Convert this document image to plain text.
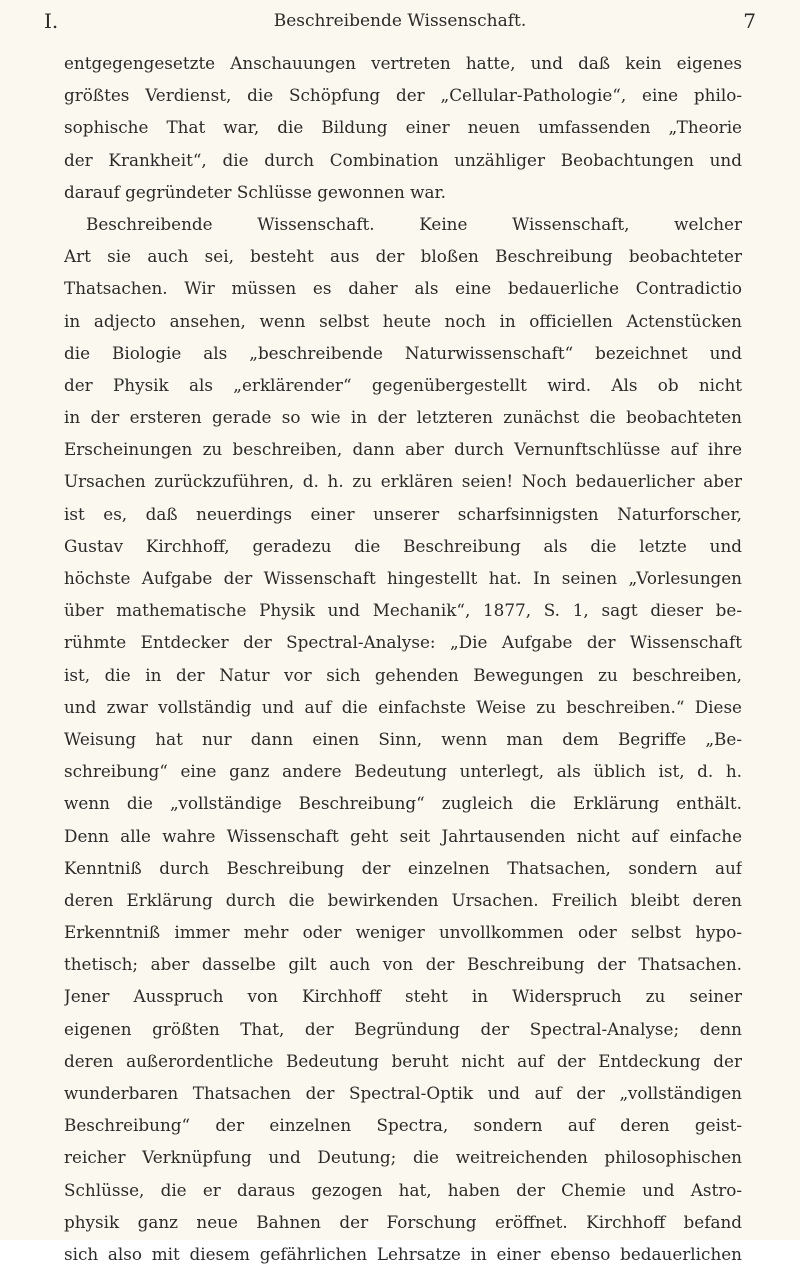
I.	Beschreibende Wissenschaft.	7
entgegengesetzte Anschauungen vertreten hatte, und daß kein eigenes
größtes Verdienst, die Schöpfung der „Cellular-Pathologie“, eine philo-
sophische That war, die Bildung einer neuen umfassenden „Theorie
der Krankheit“, die durch Combination unzähliger Beobachtungen und
darauf gegründeter Schlüsse gewonnen war.
Beschreibende Wissenschaft. Keine Wissenschaft, welcher
Art sie auch sei, besteht aus der bloßen Beschreibung beobachteter
Thatsachen. Wir müssen es daher als eine bedauerliche Contradictio
in adjecto ansehen, wenn selbst heute noch in officiellen Actenstücken
die Biologie als „beschreibende Naturwissenschaft“ bezeichnet und
der Physik als „erklärender“ gegenübergestellt wird. Als ob nicht
in der ersteren gerade so wie in der letzteren zunächst die beobachteten
Erscheinungen zu beschreiben, dann aber durch Vernunftschlüsse auf ihre
Ursachen zurückzuführen, d. h. zu erklären seien! Noch bedauerlicher aber
ist es, daß neuerdings einer unserer scharfsinnigsten Naturforscher,
Gustav Kirchhoff, geradezu die Beschreibung als die letzte und
höchste Aufgabe der Wissenschaft hingestellt hat. In seinen „Vorlesungen
über mathematische Physik und Mechanik“, 1877, S. 1, sagt dieser be-
rühmte Entdecker der Spectral-Analyse: „Die Aufgabe der Wissenschaft
ist, die in der Natur vor sich gehenden Bewegungen zu beschreiben,
und zwar vollständig und auf die einfachste Weise zu beschreiben.“ Diese
Weisung hat nur dann einen Sinn, wenn man dem Begriffe „Be-
schreibung“ eine ganz andere Bedeutung unterlegt, als üblich ist, d. h.
wenn die „vollständige Beschreibung“ zugleich die Erklärung enthält.
Denn alle wahre Wissenschaft geht seit Jahrtausenden nicht auf einfache
Kenntniß durch Beschreibung der einzelnen Thatsachen, sondern auf
deren Erklärung durch die bewirkenden Ursachen. Freilich bleibt deren
Erkenntniß immer mehr oder weniger unvollkommen oder selbst hypo-
thetisch; aber dasselbe gilt auch von der Beschreibung der Thatsachen.
Jener Ausspruch von Kirchhoff steht in Widerspruch zu seiner
eigenen größten That, der Begründung der Spectral-Analyse; denn
deren außerordentliche Bedeutung beruht nicht auf der Entdeckung der
wunderbaren Thatsachen der Spectral-Optik und auf der „vollständigen
Beschreibung“ der einzelnen Spectra, sondern auf deren geist-
reicher Verknüpfung und Deutung; die weitreichenden philosophischen
Schlüsse, die er daraus gezogen hat, haben der Chemie und Astro-
physik ganz neue Bahnen der Forschung eröffnet. Kirchhoff befand
sich also mit diesem gefährlichen Lehrsatze in einer ebenso bedauerlichen
